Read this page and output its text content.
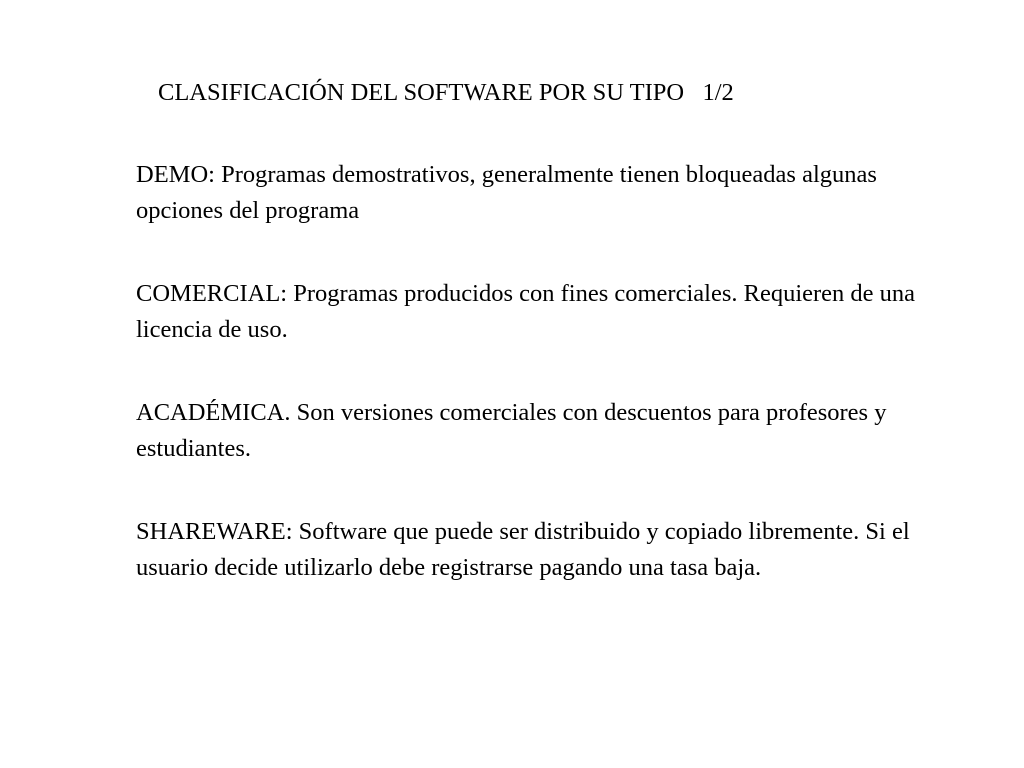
CLASIFICACIÓN DEL SOFTWARE POR SU TIPO   1/2
DEMO: Programas demostrativos, generalmente tienen bloqueadas algunas opciones del programa
COMERCIAL: Programas producidos con fines comerciales. Requieren de una licencia de uso.
ACADÉMICA. Son versiones comerciales con descuentos para profesores y estudiantes.
SHAREWARE: Software que puede ser distribuido y copiado libremente. Si el usuario decide utilizarlo debe registrarse pagando una tasa baja.
